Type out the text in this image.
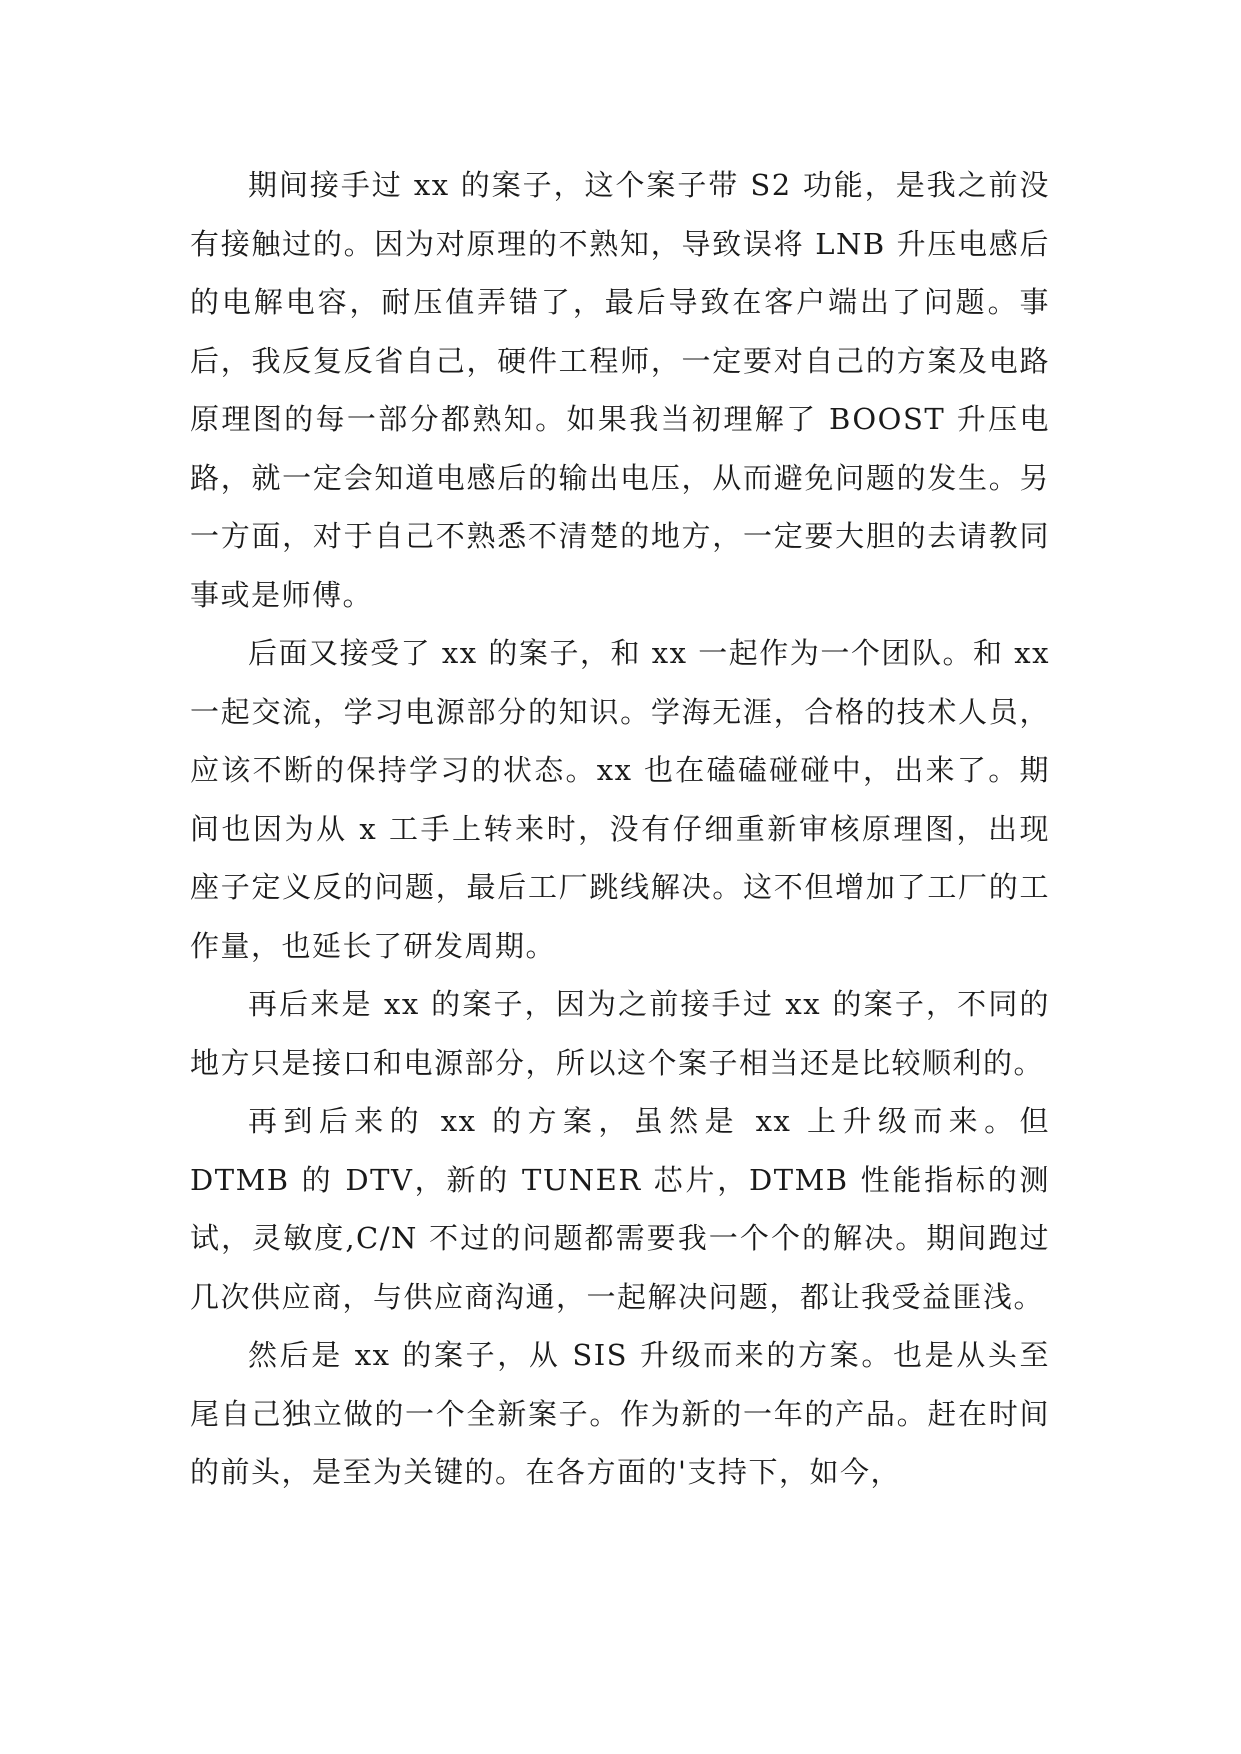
期间接手过 xx 的案子，这个案子带 S2 功能，是我之前没有接触过的。因为对原理的不熟知，导致误将 LNB 升压电感后的电解电容，耐压值弄错了，最后导致在客户端出了问题。事后，我反复反省自己，硬件工程师，一定要对自己的方案及电路原理图的每一部分都熟知。如果我当初理解了 BOOST 升压电路，就一定会知道电感后的输出电压，从而避免问题的发生。另一方面，对于自己不熟悉不清楚的地方，一定要大胆的去请教同事或是师傅。

后面又接受了 xx 的案子，和 xx 一起作为一个团队。和 xx 一起交流，学习电源部分的知识。学海无涯，合格的技术人员，应该不断的保持学习的状态。xx 也在磕磕碰碰中，出来了。期间也因为从 x 工手上转来时，没有仔细重新审核原理图，出现座子定义反的问题，最后工厂跳线解决。这不但增加了工厂的工作量，也延长了研发周期。

再后来是 xx 的案子，因为之前接手过 xx 的案子，不同的地方只是接口和电源部分，所以这个案子相当还是比较顺利的。

再到后来的 xx 的方案，虽然是 xx 上升级而来。但 DTMB 的 DTV，新的 TUNER 芯片，DTMB 性能指标的测试，灵敏度,C/N 不过的问题都需要我一个个的解决。期间跑过几次供应商，与供应商沟通，一起解决问题，都让我受益匪浅。

然后是 xx 的案子，从 SIS 升级而来的方案。也是从头至尾自己独立做的一个全新案子。作为新的一年的产品。赶在时间的前头，是至为关键的。在各方面的'支持下，如今，
